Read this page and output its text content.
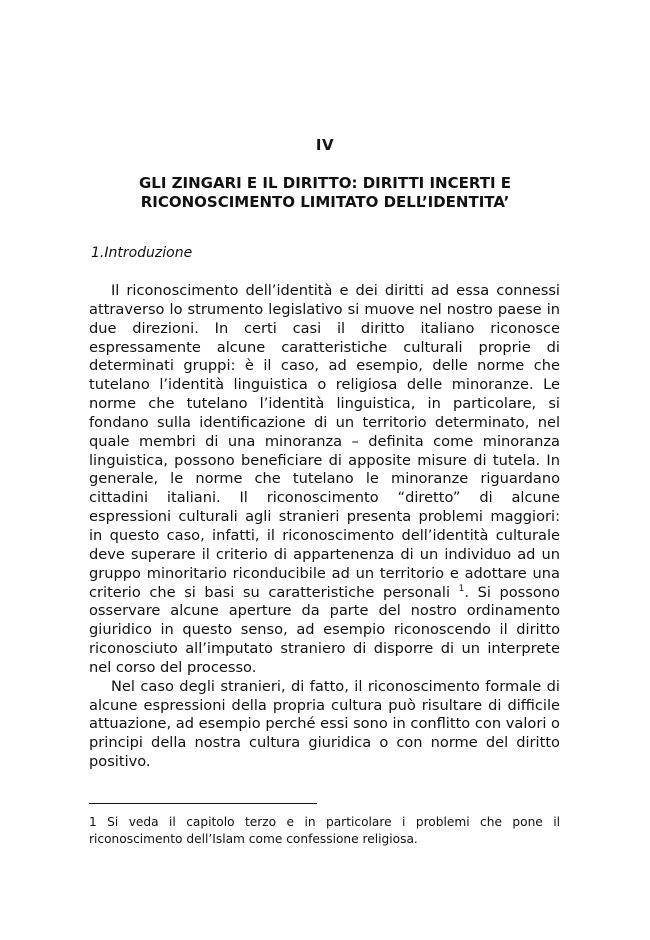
IV
GLI ZINGARI E IL DIRITTO: DIRITTI INCERTI E
RICONOSCIMENTO LIMITATO DELL’IDENTITA’
1.Introduzione

Il riconoscimento dell’identità e dei diritti ad essa connessi attraverso lo strumento legislativo si muove nel nostro paese in due direzioni. In certi casi il diritto italiano riconosce espressamente alcune caratteristiche culturali proprie di determinati gruppi: è il caso, ad esempio, delle norme che tutelano l’identità linguistica o religiosa delle minoranze. Le norme che tutelano l’identità linguistica, in particolare, si fondano sulla identificazione di un territorio determinato, nel quale membri di una minoranza – definita come minoranza linguistica, possono beneficiare di apposite misure di tutela. In generale, le norme che tutelano le minoranze riguardano cittadini italiani. Il riconoscimento “diretto” di alcune espressioni culturali agli stranieri presenta problemi maggiori: in questo caso, infatti, il riconoscimento dell’identità culturale deve superare il criterio di appartenenza di un individuo ad un gruppo minoritario riconducibile ad un territorio e adottare una criterio che si basi su caratteristiche personali $^1$. Si possono osservare alcune aperture da parte del nostro ordinamento giuridico in questo senso, ad esempio riconoscendo il diritto riconosciuto all’imputato straniero di disporre di un interprete nel corso del processo.

Nel caso degli stranieri, di fatto, il riconoscimento formale di alcune espressioni della propria cultura può risultare di difficile attuazione, ad esempio perché essi sono in conflitto con valori o principi della nostra cultura giuridica o con norme del diritto positivo.

1 Si veda il capitolo terzo e in particolare i problemi che pone il riconoscimento dell’Islam come confessione religiosa.
